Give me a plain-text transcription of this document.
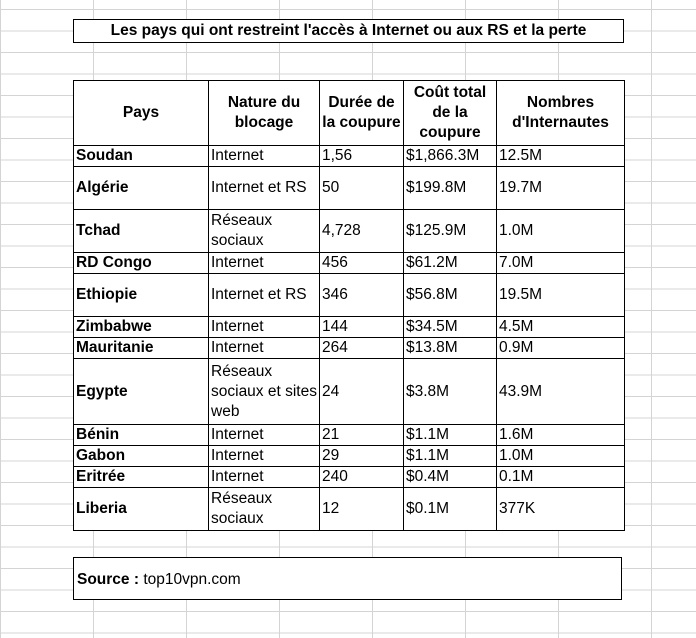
Les pays qui ont restreint l'accès à Internet ou aux RS et la perte
Pays	Nature du blocage	Durée de la coupure	Coût total de la coupure	Nombres d'Internautes
Soudan	Internet	1,56	$1,866.3M	12.5M
Algérie	Internet et RS	50	$199.8M	19.7M
Tchad	Réseaux sociaux	4,728	$125.9M	1.0M
RD Congo	Internet	456	$61.2M	7.0M
Ethiopie	Internet et RS	346	$56.8M	19.5M
Zimbabwe	Internet	144	$34.5M	4.5M
Mauritanie	Internet	264	$13.8M	0.9M
Egypte	Réseaux sociaux et sites web	24	$3.8M	43.9M
Bénin	Internet	21	$1.1M	1.6M
Gabon	Internet	29	$1.1M	1.0M
Eritrée	Internet	240	$0.4M	0.1M
Liberia	Réseaux sociaux	12	$0.1M	377K
Source : top10vpn.com
